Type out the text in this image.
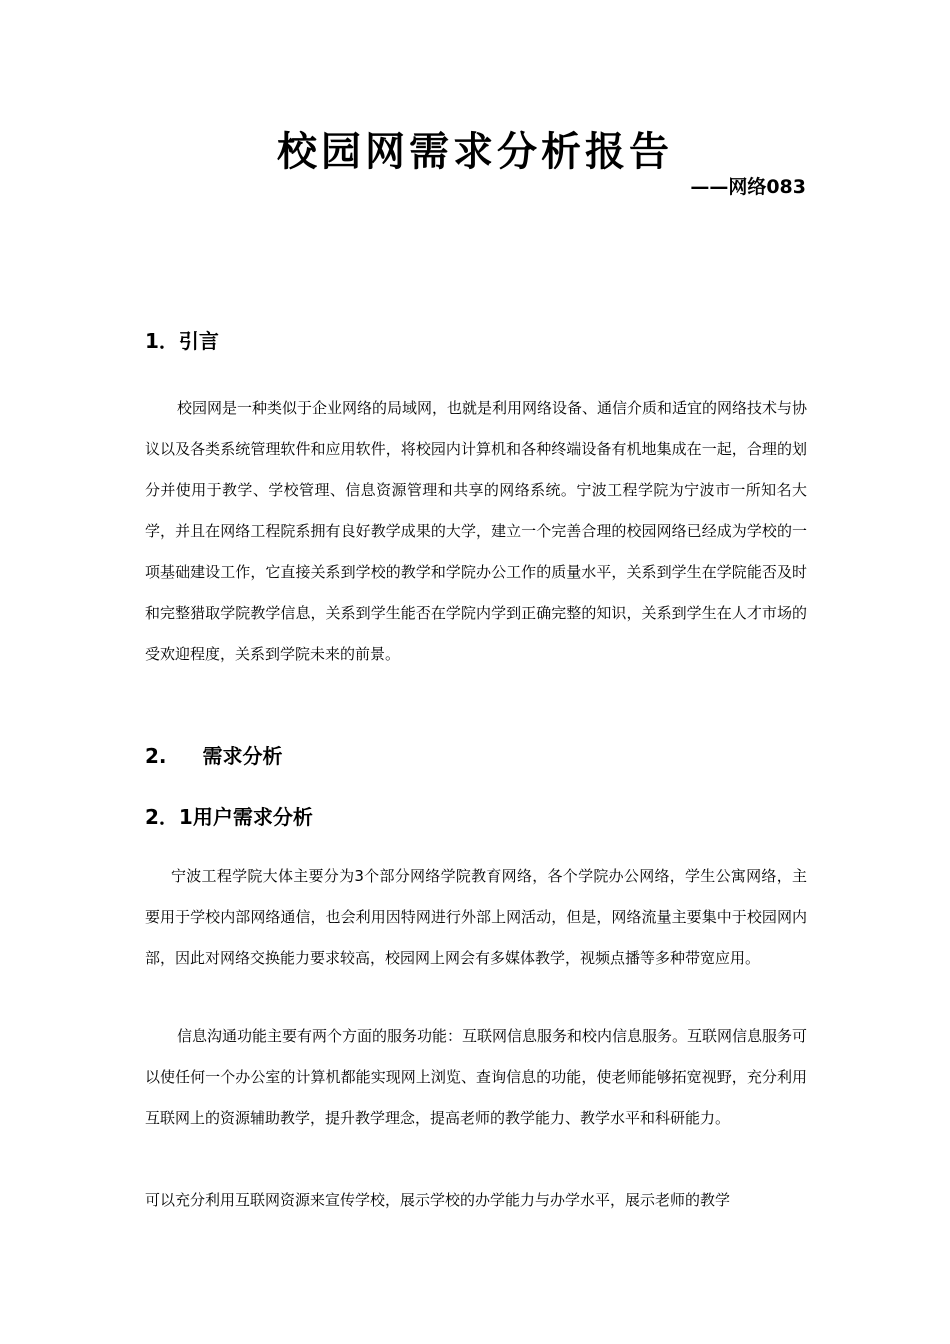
校园网需求分析报告
——网络083
1．引言
校园网是一种类似于企业网络的局域网，也就是利用网络设备、通信介质和适宜的网络技术与协议以及各类系统管理软件和应用软件，将校园内计算机和各种终端设备有机地集成在一起，合理的划分并使用于教学、学校管理、信息资源管理和共享的网络系统。宁波工程学院为宁波市一所知名大学，并且在网络工程院系拥有良好教学成果的大学，建立一个完善合理的校园网络已经成为学校的一项基础建设工作，它直接关系到学校的教学和学院办公工作的质量水平，关系到学生在学院能否及时和完整猎取学院教学信息，关系到学生能否在学院内学到正确完整的知识，关系到学生在人才市场的受欢迎程度，关系到学院未来的前景。
2. 需求分析
2．1用户需求分析
宁波工程学院大体主要分为3个部分网络学院教育网络，各个学院办公网络，学生公寓网络，主要用于学校内部网络通信，也会利用因特网进行外部上网活动，但是，网络流量主要集中于校园网内部，因此对网络交换能力要求较高，校园网上网会有多媒体教学，视频点播等多种带宽应用。
信息沟通功能主要有两个方面的服务功能：互联网信息服务和校内信息服务。互联网信息服务可以使任何一个办公室的计算机都能实现网上浏览、查询信息的功能，使老师能够拓宽视野，充分利用互联网上的资源辅助教学，提升教学理念，提高老师的教学能力、教学水平和科研能力。
可以充分利用互联网资源来宣传学校，展示学校的办学能力与办学水平，展示老师的教学
